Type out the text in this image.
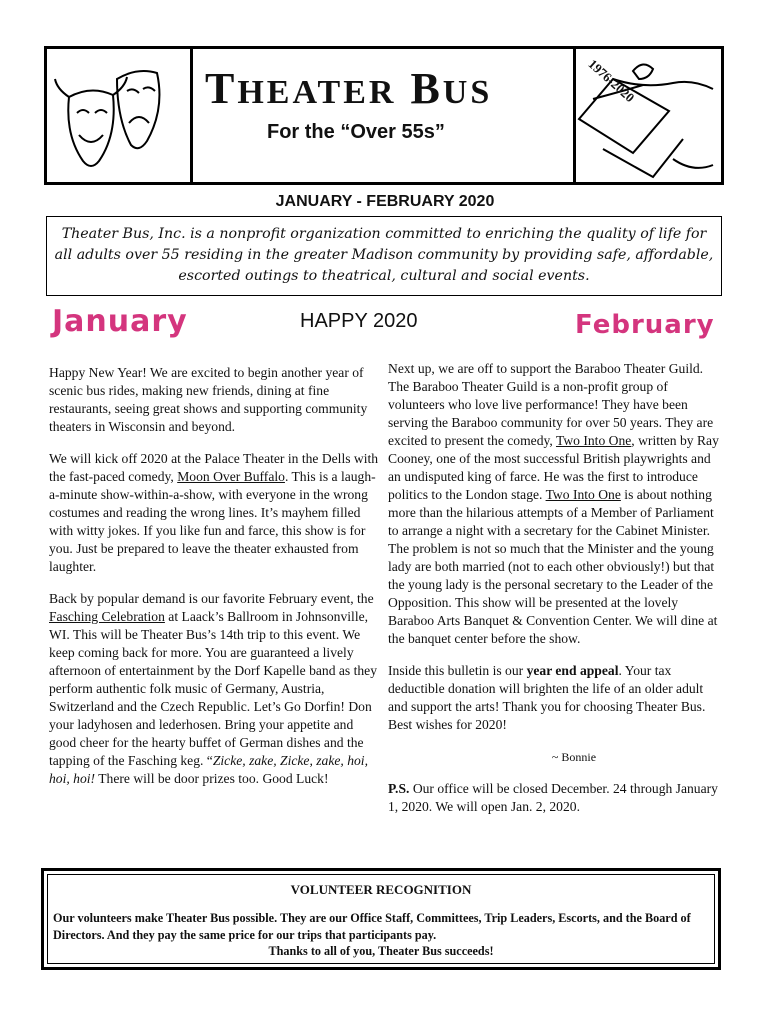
THEATER BUS
For the “Over 55s”
1976-2020
JANUARY - FEBRUARY 2020
Theater Bus, Inc. is a nonprofit organization committed to enriching the quality of life for all adults over 55 residing in the greater Madison community by providing safe, affordable, escorted outings to theatrical, cultural and social events.
January	HAPPY 2020	February

Happy New Year! We are excited to begin another year of scenic bus rides, making new friends, dining at fine restaurants, seeing great shows and supporting community theaters in Wisconsin and beyond.

We will kick off 2020 at the Palace Theater in the Dells with the fast-paced comedy, Moon Over Buffalo. This is a laugh-a-minute show-within-a-show, with everyone in the wrong costumes and reading the wrong lines. It’s mayhem filled with witty jokes. If you like fun and farce, this show is for you. Just be prepared to leave the theater exhausted from laughter.

Back by popular demand is our favorite February event, the Fasching Celebration at Laack’s Ballroom in Johnsonville, WI. This will be Theater Bus’s 14th trip to this event. We keep coming back for more. You are guaranteed a lively afternoon of entertainment by the Dorf Kapelle band as they perform authentic folk music of Germany, Austria, Switzerland and the Czech Republic. Let’s Go Dorfin! Don your ladyhosen and lederhosen. Bring your appetite and good cheer for the hearty buffet of German dishes and the tapping of the Fasching keg. “Zicke, zake, Zicke, zake, hoi, hoi, hoi! There will be door prizes too. Good Luck!

Next up, we are off to support the Baraboo Theater Guild. The Baraboo Theater Guild is a non-profit group of volunteers who love live performance! They have been serving the Baraboo community for over 50 years. They are excited to present the comedy, Two Into One, written by Ray Cooney, one of the most successful British playwrights and an undisputed king of farce. He was the first to introduce politics to the London stage. Two Into One is about nothing more than the hilarious attempts of a Member of Parliament to arrange a night with a secretary for the Cabinet Minister. The problem is not so much that the Minister and the young lady are both married (not to each other obviously!) but that the young lady is the personal secretary to the Leader of the Opposition. This show will be presented at the lovely Baraboo Arts Banquet & Convention Center. We will dine at the banquet center before the show.

Inside this bulletin is our year end appeal. Your tax deductible donation will brighten the life of an older adult and support the arts! Thank you for choosing Theater Bus. Best wishes for 2020!

~ Bonnie

P.S. Our office will be closed December. 24 through January 1, 2020. We will open Jan. 2, 2020.

VOLUNTEER RECOGNITION
Our volunteers make Theater Bus possible. They are our Office Staff, Committees, Trip Leaders, Escorts, and the Board of Directors. And they pay the same price for our trips that participants pay.
Thanks to all of you, Theater Bus succeeds!
